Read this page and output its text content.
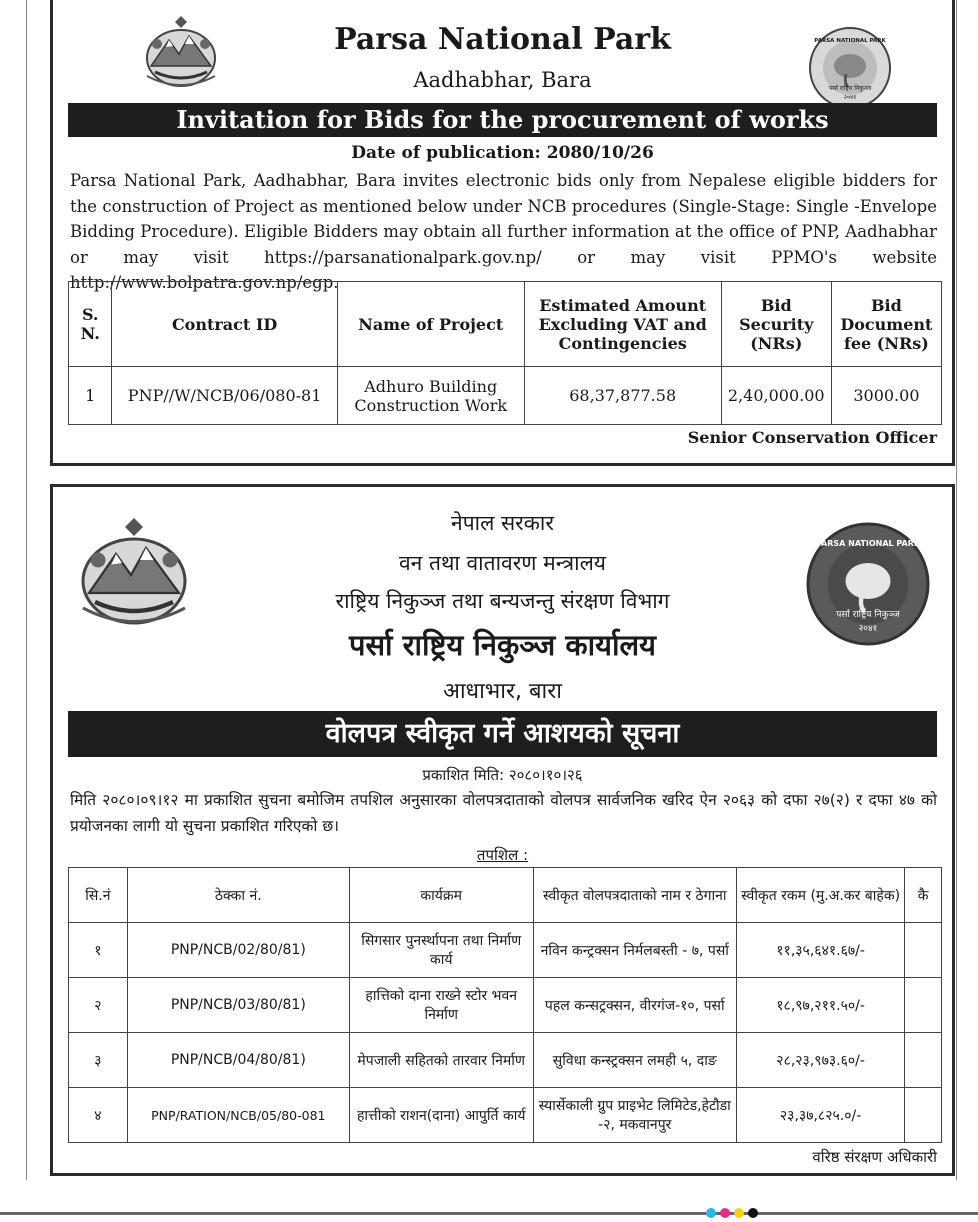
Parsa National Park
Aadhabhar, Bara
PARSA NATIONAL PARK
पर्सा राष्ट्रिय निकुञ्ज
२०४१
Invitation for Bids for the procurement of works
Date of publication: 2080/10/26
Parsa National Park, Aadhabhar, Bara invites electronic bids only from Nepalese eligible bidders for the construction of Project as mentioned below under NCB procedures (Single-Stage: Single -Envelope Bidding Procedure). Eligible Bidders may obtain all further information at the office of PNP, Aadhabhar or may visit https://parsanationalpark.gov.np/ or may visit PPMO's website http://www.bolpatra.gov.np/egp.
S. N.	Contract ID	Name of Project	Estimated Amount Excluding VAT and Contingencies	Bid Security (NRs)	Bid Document fee (NRs)
1	PNP//W/NCB/06/080-81	Adhuro Building Construction Work	68,37,877.58	2,40,000.00	3000.00
Senior Conservation Officer
नेपाल सरकार
वन तथा वातावरण मन्त्रालय
राष्ट्रिय निकुञ्ज तथा बन्यजन्तु संरक्षण विभाग
पर्सा राष्ट्रिय निकुञ्ज कार्यालय
आधाभार, बारा
PARSA NATIONAL PARK
पर्सा राष्ट्रिय निकुञ्ज
२०४१
वोलपत्र स्वीकृत गर्ने आशयको सूचना
प्रकाशित मिति: २०८०।१०।२६
मिति २०८०।०९।१२ मा प्रकाशित सुचना बमोजिम तपशिल अनुसारका वोलपत्रदाताको वोलपत्र सार्वजनिक खरिद ऐन २०६३ को दफा २७(२) र दफा ४७ को प्रयोजनका लागी यो सुचना प्रकाशित गरिएको छ।
तपशिल :
सि.नं	ठेक्का नं.	कार्यक्रम	स्वीकृत वोलपत्रदाताको नाम र ठेगाना	स्वीकृत रकम (मु.अ.कर बाहेक)	कै
१	PNP/NCB/02/80/81)	सिगसार पुनर्स्थापना तथा निर्माण कार्य	नविन कन्ट्रक्सन निर्मलबस्ती - ७, पर्सा	११,३५,६४१.६७/-	
२	PNP/NCB/03/80/81)	हात्तिको दाना राख्ने स्टोर भवन निर्माण	पहल कन्सट्रक्सन, वीरगंज-१०, पर्सा	१८,९७,२११.५०/-	
३	PNP/NCB/04/80/81)	मेपजाली सहितको तारवार निर्माण	सुविधा कन्स्ट्रक्सन लमही ५, दाङ	२८,२३,९७३.६०/-	
४	PNP/RATION/NCB/05/80-081	हात्तीको राशन(दाना) आपुर्ति कार्य	स्यार्सेकाली ग्रुप प्राइभेट लिमिटेड,हेटौडा -२, मकवानपुर	२३,३७,८२५.०/-	
वरिष्ठ संरक्षण अधिकारी
